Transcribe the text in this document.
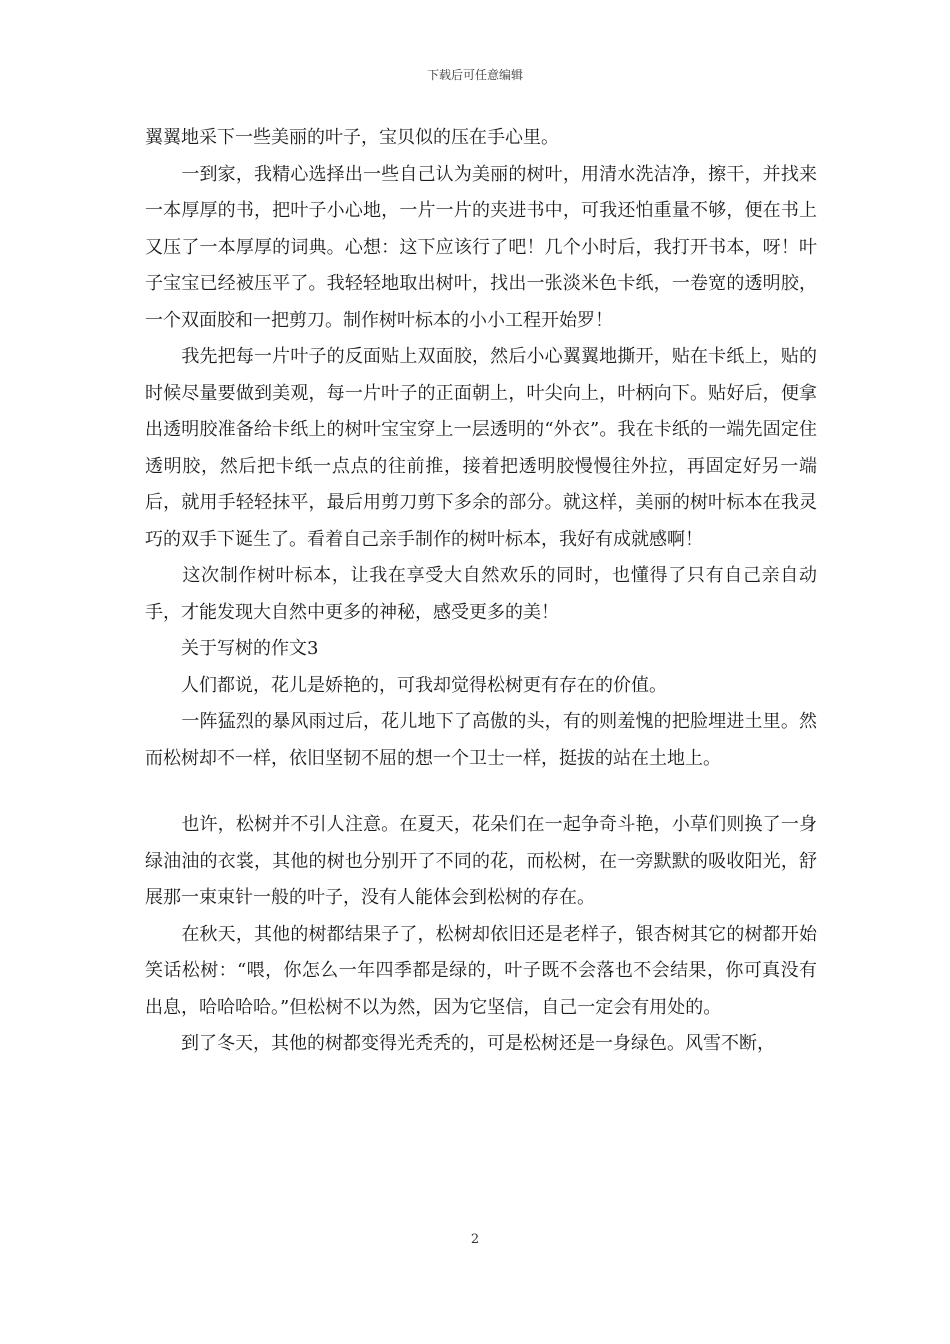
下载后可任意编辑

翼翼地采下一些美丽的叶子，宝贝似的压在手心里。

　　一到家，我精心选择出一些自己认为美丽的树叶，用清水洗洁净，擦干，并找来一本厚厚的书，把叶子小心地，一片一片的夹进书中，可我还怕重量不够，便在书上又压了一本厚厚的词典。心想：这下应该行了吧！几个小时后，我打开书本，呀！叶子宝宝已经被压平了。我轻轻地取出树叶，找出一张淡米色卡纸，一卷宽的透明胶，一个双面胶和一把剪刀。制作树叶标本的小小工程开始罗！

　　我先把每一片叶子的反面贴上双面胶，然后小心翼翼地撕开，贴在卡纸上，贴的时候尽量要做到美观，每一片叶子的正面朝上，叶尖向上，叶柄向下。贴好后，便拿出透明胶准备给卡纸上的树叶宝宝穿上一层透明的“外衣”。我在卡纸的一端先固定住透明胶，然后把卡纸一点点的往前推，接着把透明胶慢慢往外拉，再固定好另一端后，就用手轻轻抹平，最后用剪刀剪下多余的部分。就这样，美丽的树叶标本在我灵巧的双手下诞生了。看着自己亲手制作的树叶标本，我好有成就感啊！

　　这次制作树叶标本，让我在享受大自然欢乐的同时，也懂得了只有自己亲自动手，才能发现大自然中更多的神秘，感受更多的美！

　　关于写树的作文3

　　人们都说，花儿是娇艳的，可我却觉得松树更有存在的价值。

　　一阵猛烈的暴风雨过后，花儿地下了高傲的头，有的则羞愧的把脸埋进土里。然而松树却不一样，依旧坚韧不屈的想一个卫士一样，挺拔的站在土地上。

　　也许，松树并不引人注意。在夏天，花朵们在一起争奇斗艳，小草们则换了一身绿油油的衣裳，其他的树也分别开了不同的花，而松树，在一旁默默的吸收阳光，舒展那一束束针一般的叶子，没有人能体会到松树的存在。

　　在秋天，其他的树都结果子了，松树却依旧还是老样子，银杏树其它的树都开始笑话松树：“喂，你怎么一年四季都是绿的，叶子既不会落也不会结果，你可真没有出息，哈哈哈哈。”但松树不以为然，因为它坚信，自己一定会有用处的。

　　到了冬天，其他的树都变得光秃秃的，可是松树还是一身绿色。风雪不断，

2
